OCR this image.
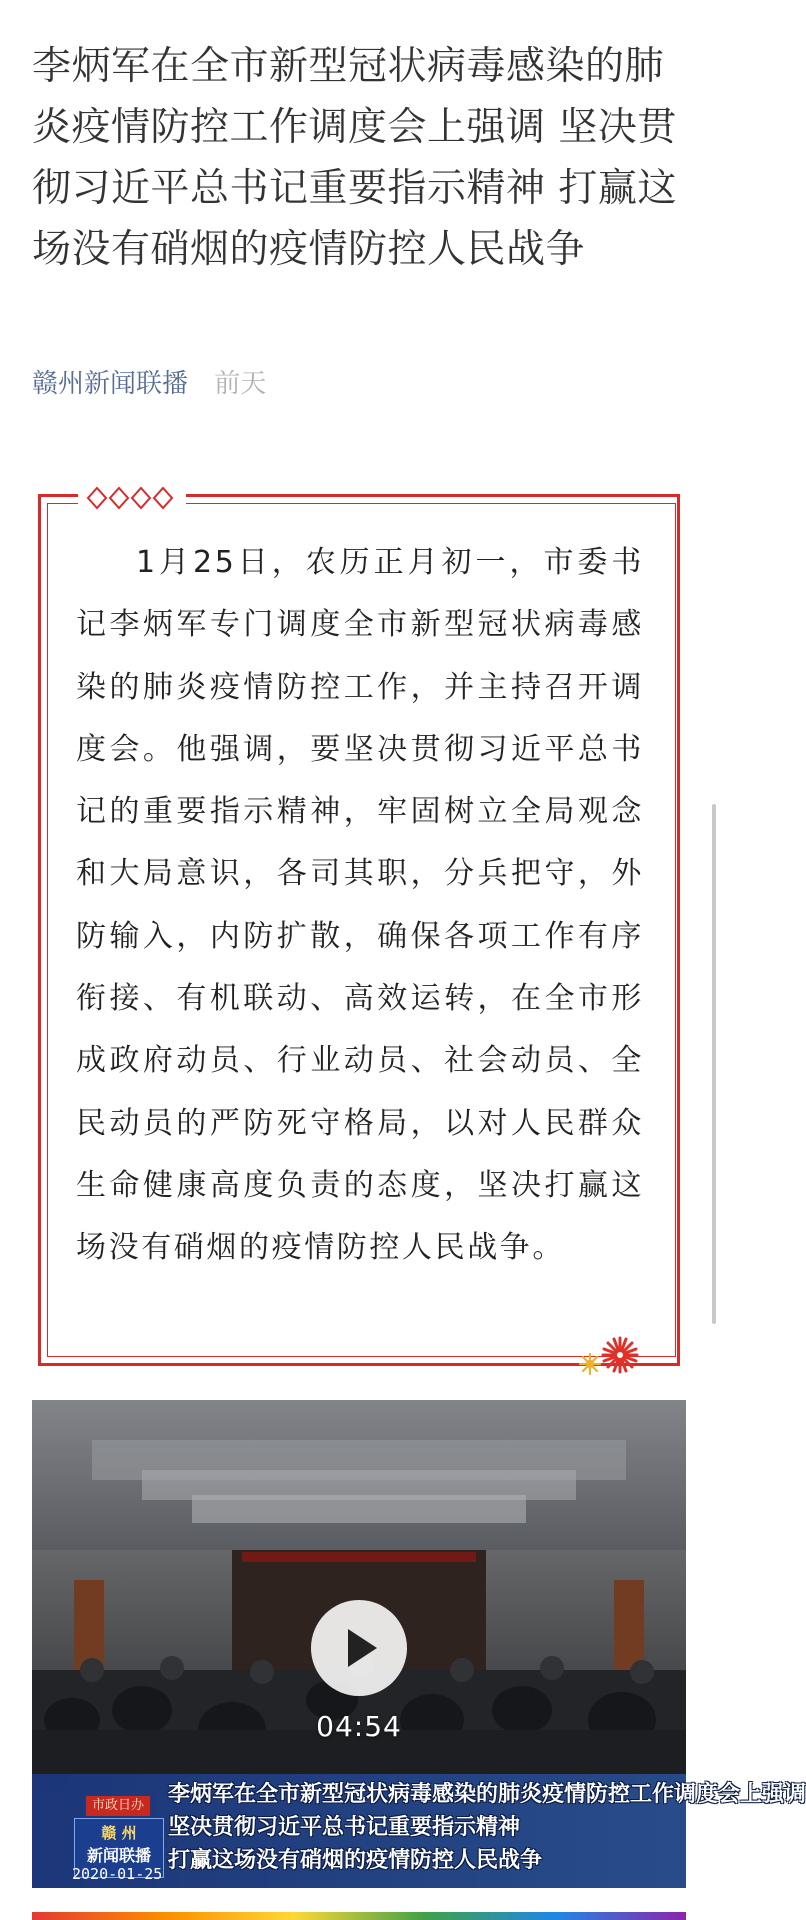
李炳军在全市新型冠状病毒感染的肺炎疫情防控工作调度会上强调 坚决贯彻习近平总书记重要指示精神 打赢这场没有硝烟的疫情防控人民战争
赣州新闻联播 前天

1月25日，农历正月初一，市委书记李炳军专门调度全市新型冠状病毒感染的肺炎疫情防控工作，并主持召开调度会。他强调，要坚决贯彻习近平总书记的重要指示精神，牢固树立全局观念和大局意识，各司其职，分兵把守，外防输入，内防扩散，确保各项工作有序衔接、有机联动、高效运转，在全市形成政府动员、行业动员、社会动员、全民动员的严防死守格局，以对人民群众生命健康高度负责的态度，坚决打赢这场没有硝烟的疫情防控人民战争。

04:54
市政日办
赣 州
新闻联播
2020-01-25
李炳军在全市新型冠状病毒感染的肺炎疫情防控工作调度会上强调
坚决贯彻习近平总书记重要指示精神
打赢这场没有硝烟的疫情防控人民战争
